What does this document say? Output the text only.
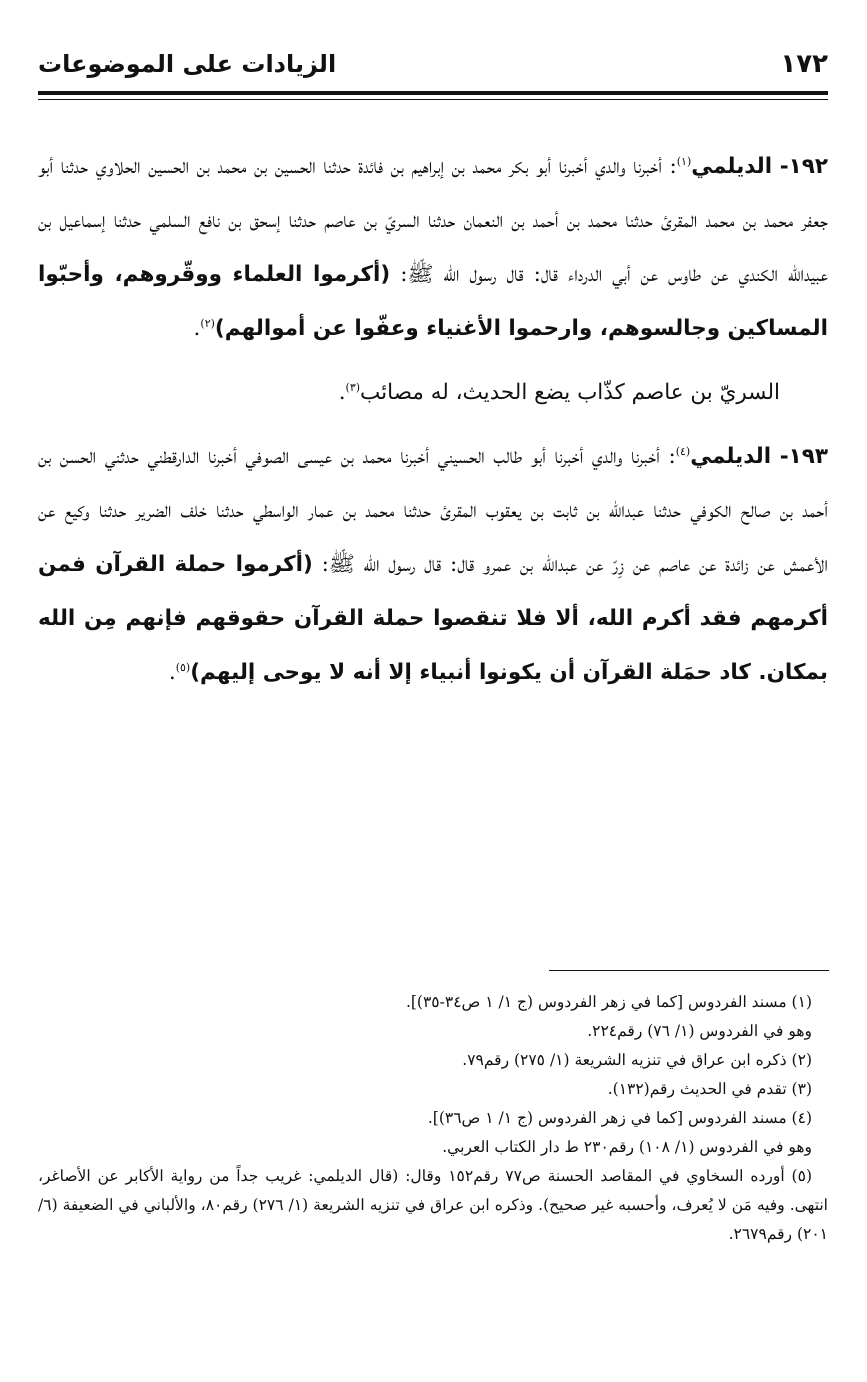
١٧٢
الزيادات على الموضوعات

١٩٢- الديلمي$^{(١)}$: أخبرنا والدي أخبرنا أبو بكر محمد بن إبراهيم بن فائدة حدثنا الحسين بن محمد بن الحسين الحلاوي حدثنا أبو جعفر محمد بن محمد المقرئ حدثنا محمد بن أحمد بن النعمان حدثنا السريّ بن عاصم حدثنا إسحق بن نافع السلمي حدثنا إسماعيل بن عبيدالله الكندي عن طاوس عن أبي الدرداء قال: قال رسول الله ﷺ: (أكرموا العلماء ووقّروهم، وأحبّوا المساكين وجالسوهم، وارحموا الأغنياء وعفّوا عن أموالهم)$^{(٢)}$.

السريّ بن عاصم كذّاب يضع الحديث، له مصائب$^{(٣)}$.

١٩٣- الديلمي$^{(٤)}$: أخبرنا والدي أخبرنا أبو طالب الحسيني أخبرنا محمد بن عيسى الصوفي أخبرنا الدارقطني حدثني الحسن بن أحمد بن صالح الكوفي حدثنا عبدالله بن ثابت بن يعقوب المقرئ حدثنا محمد بن عمار الواسطي حدثنا خلف الضرير حدثنا وكيع عن الأعمش عن زائدة عن عاصم عن زِرّ عن عبدالله بن عمرو قال: قال رسول الله ﷺ: (أكرموا حملة القرآن فمن أكرمهم فقد أكرم الله، ألا فلا تنقصوا حملة القرآن حقوقهم فإنهم مِن الله بمكان. كاد حمَلة القرآن أن يكونوا أنبياء إلا أنه لا يوحى إليهم)$^{(٥)}$.

(١) مسند الفردوس [كما في زهر الفردوس (ج ١/ ١ ص٣٤-٣٥)].

وهو في الفردوس (١/ ٧٦) رقم٢٢٤.

(٢) ذكره ابن عراق في تنزيه الشريعة (١/ ٢٧٥) رقم٧٩.

(٣) تقدم في الحديث رقم(١٣٢).

(٤) مسند الفردوس [كما في زهر الفردوس (ج ١/ ١ ص٣٦)].

وهو في الفردوس (١/ ١٠٨) رقم٢٣٠ ط دار الكتاب العربي.

(٥) أورده السخاوي في المقاصد الحسنة ص٧٧ رقم١٥٢ وقال: (قال الديلمي: غريب جداً من رواية الأكابر عن الأصاغر، انتهى. وفيه مَن لا يُعرف، وأحسبه غير صحيح). وذكره ابن عراق في تنزيه الشريعة (١/ ٢٧٦) رقم٨٠، والألباني في الضعيفة (٦/ ٢٠١) رقم٢٦٧٩.
